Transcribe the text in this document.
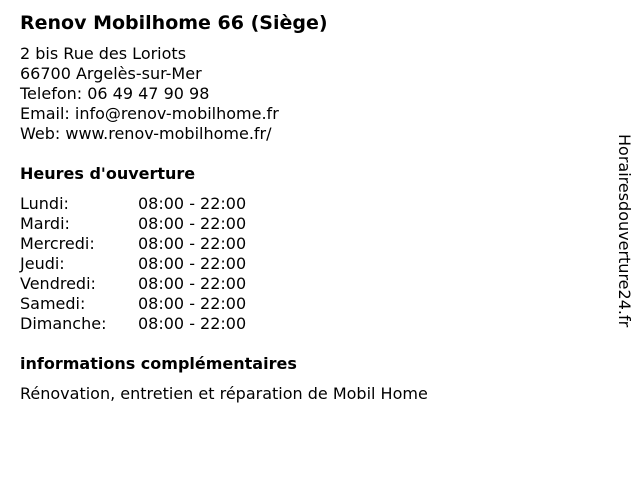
Renov Mobilhome 66 (Siège)
2 bis Rue des Loriots
66700 Argelès-sur-Mer
Telefon: 06 49 47 90 98
Email: info@renov-mobilhome.fr
Web: www.renov-mobilhome.fr/
Heures d'ouverture
Lundi:	08:00 - 22:00
Mardi:	08:00 - 22:00
Mercredi:	08:00 - 22:00
Jeudi:	08:00 - 22:00
Vendredi:	08:00 - 22:00
Samedi:	08:00 - 22:00
Dimanche:	08:00 - 22:00
informations complémentaires
Rénovation, entretien et réparation de Mobil Home
Horairesdouverture24.fr
